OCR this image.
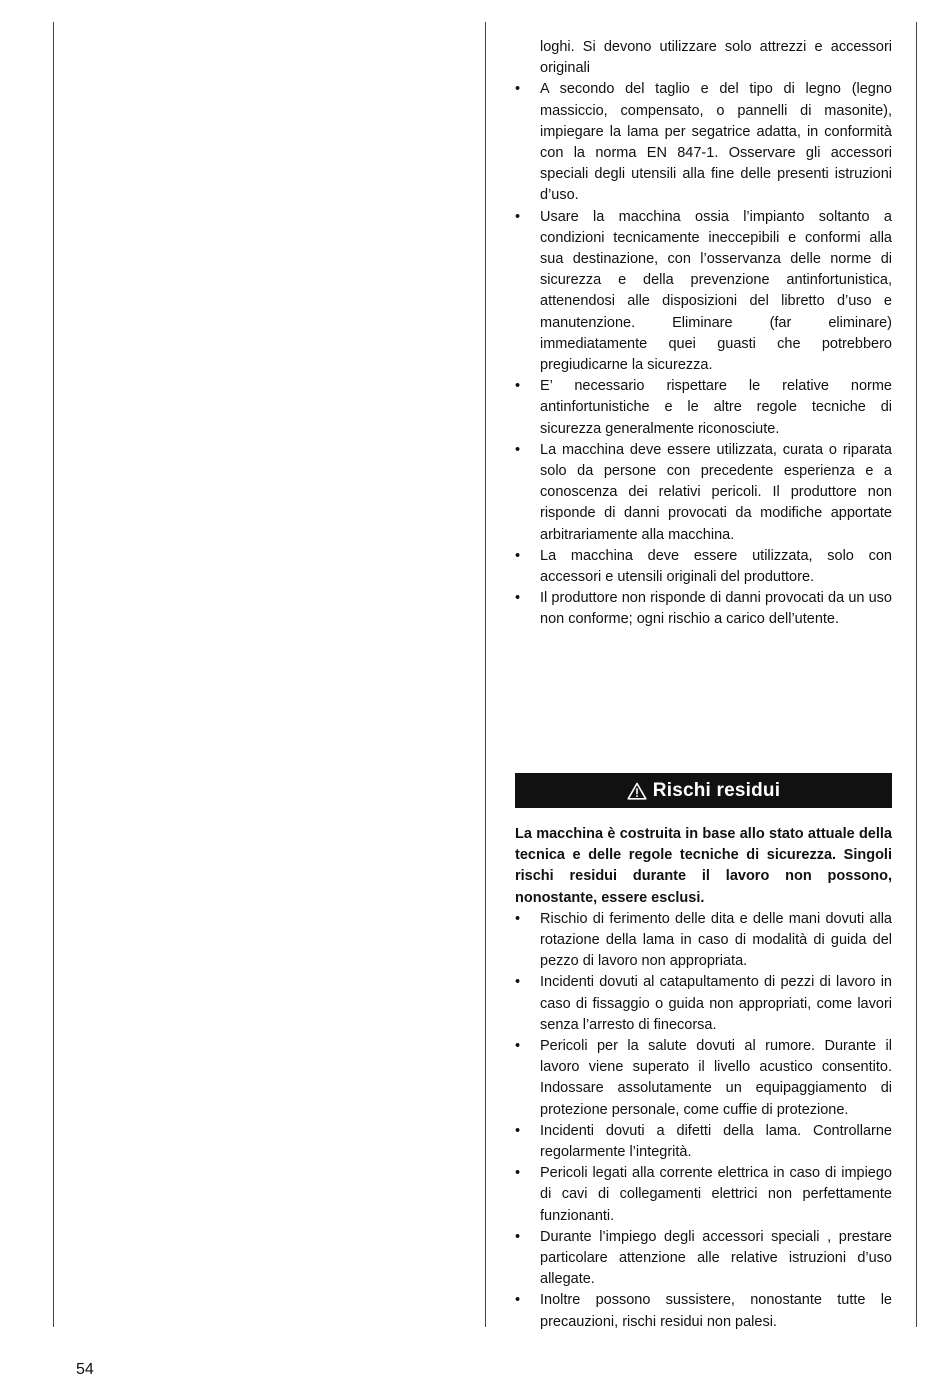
loghi. Si devono utilizzare solo attrezzi e accessori originali
• A secondo del taglio e del tipo di legno (legno massiccio, compensato, o pannelli di masonite), impiegare la lama per segatrice adatta, in conformità con la norma EN 847-1. Osservare gli accessori speciali degli utensili alla fine delle presenti istruzioni d’uso.
• Usare la macchina ossia l’impianto soltanto a condizioni tecnicamente ineccepibili e conformi alla sua destinazione, con l’osservanza delle norme di sicurezza e della prevenzione antinfortunistica, attenendosi alle disposizioni del libretto d’uso e manutenzione. Eliminare (far eliminare) immediatamente quei guasti che potrebbero pregiudicarne la sicurezza.
• E’ necessario rispettare le relative norme antinfortunistiche e le altre regole tecniche di sicurezza generalmente riconosciute.
• La macchina deve essere utilizzata, curata o riparata solo da persone con precedente esperienza e a conoscenza dei relativi pericoli. Il produttore non risponde di danni provocati da modifiche apportate arbitrariamente alla macchina.
• La macchina deve essere utilizzata, solo con accessori e utensili originali del produttore.
• Il produttore non risponde di danni provocati da un uso non conforme; ogni rischio a carico dell’utente.
Rischi residui
La macchina è costruita in base allo stato attuale della tecnica e delle regole tecniche di sicurezza. Singoli rischi residui durante il lavoro non possono, nonostante, essere esclusi.
• Rischio di ferimento delle dita e delle mani dovuti alla rotazione della lama in caso di modalità di guida del pezzo di lavoro non appropriata.
• Incidenti dovuti al catapultamento di pezzi di lavoro in caso di fissaggio o guida non appropriati, come lavori senza l’arresto di finecorsa.
• Pericoli per la salute dovuti al rumore. Durante il lavoro viene superato il livello acustico consentito. Indossare assolutamente un equipaggiamento di protezione personale, come cuffie di protezione.
• Incidenti dovuti a difetti della lama. Controllarne regolarmente l’integrità.
• Pericoli legati alla corrente elettrica in caso di impiego di cavi di collegamenti elettrici non perfettamente funzionanti.
• Durante l’impiego degli accessori speciali , prestare particolare attenzione alle relative istruzioni d’uso allegate.
• Inoltre possono sussistere, nonostante tutte le precauzioni, rischi residui non palesi.
54
